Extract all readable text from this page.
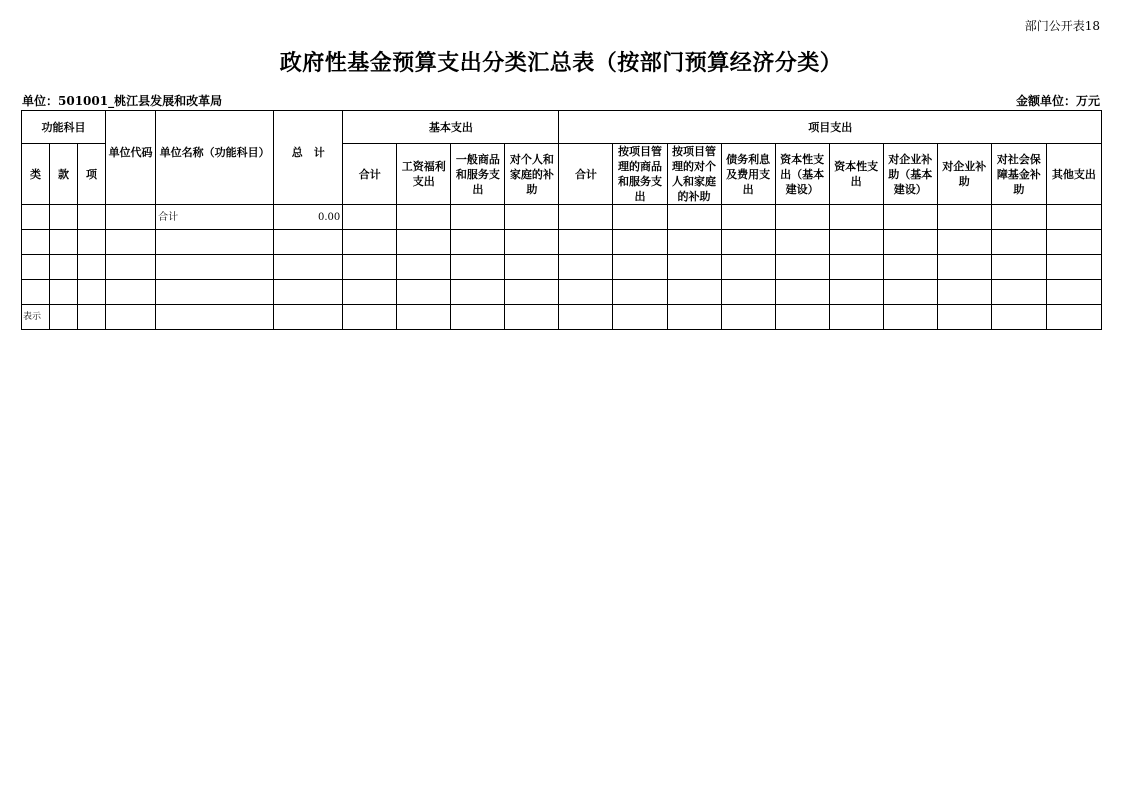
部门公开表18
政府性基金预算支出分类汇总表（按部门预算经济分类）
单位：501001_桃江县发展和改革局	金额单位：万元
功能科目			单位代码	单位名称（功能科目）	总　计	基本支出				项目支出									
类	款	项				合计	工资福利支出	一般商品和服务支出	对个人和家庭的补助	合计	按项目管理的商品和服务支出	按项目管理的对个人和家庭的补助	债务利息及费用支出	资本性支出（基本建设）	资本性支出	对企业补助（基本建设）	对企业补助	对社会保障基金补助	其他支出
				合计	0.00														

表示																			
